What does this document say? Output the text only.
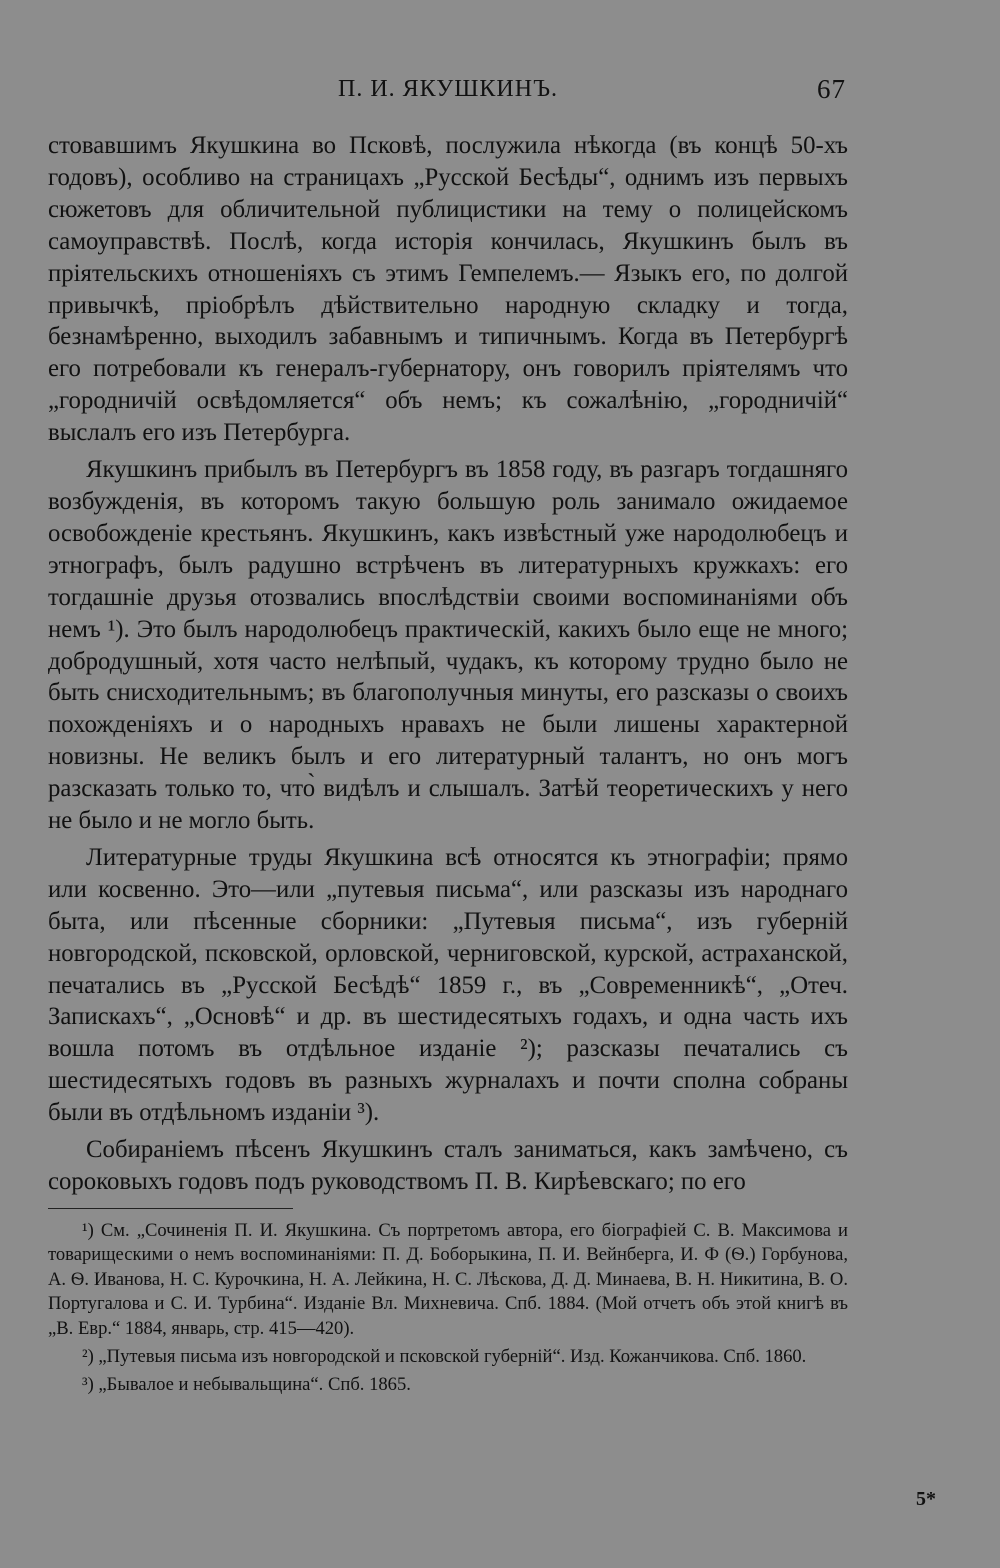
П. И. ЯКУШКИНЪ.	67

стовавшимъ Якушкина во Псковѣ, послужила нѣкогда (въ концѣ 50-хъ годовъ), особливо на страницахъ „Русской Бесѣды“, однимъ изъ первыхъ сюжетовъ для обличительной публицистики на тему о полицейскомъ самоуправствѣ. Послѣ, когда исторія кончилась, Якушкинъ былъ въ пріятельскихъ отношеніяхъ съ этимъ Гемпелемъ.— Языкъ его, по долгой привычкѣ, пріобрѣлъ дѣйствительно народную складку и тогда, безнамѣренно, выходилъ забавнымъ и типичнымъ. Когда въ Петербургѣ его потребовали къ генералъ-губернатору, онъ говорилъ пріятелямъ что „городничій освѣдомляется“ объ немъ; къ сожалѣнію, „городничій“ выслалъ его изъ Петербурга.

Якушкинъ прибылъ въ Петербургъ въ 1858 году, въ разгаръ тогдашняго возбужденія, въ которомъ такую большую роль занимало ожидаемое освобожденіе крестьянъ. Якушкинъ, какъ извѣстный уже народолюбецъ и этнографъ, былъ радушно встрѣченъ въ литературныхъ кружкахъ: его тогдашніе друзья отозвались впослѣдствіи своими воспоминаніями объ немъ ¹). Это былъ народолюбецъ практическій, какихъ было еще не много; добродушный, хотя часто нелѣпый, чудакъ, къ которому трудно было не быть снисходительнымъ; въ благополучныя минуты, его разсказы о своихъ похожденіяхъ и о народныхъ нравахъ не были лишены характерной новизны. Не великъ былъ и его литературный талантъ, но онъ могъ разсказать только то, что̀ видѣлъ и слышалъ. Затѣй теоретическихъ у него не было и не могло быть.

Литературные труды Якушкина всѣ относятся къ этнографіи; прямо или косвенно. Это—или „путевыя письма“, или разсказы изъ народнаго быта, или пѣсенные сборники: „Путевыя письма“, изъ губерній новгородской, псковской, орловской, черниговской, курской, астраханской, печатались въ „Русской Бесѣдѣ“ 1859 г., въ „Современникѣ“, „Отеч. Запискахъ“, „Основѣ“ и др. въ шестидесятыхъ годахъ, и одна часть ихъ вошла потомъ въ отдѣльное изданіе ²); разсказы печатались съ шестидесятыхъ годовъ въ разныхъ журналахъ и почти сполна собраны были въ отдѣльномъ изданіи ³).

Собираніемъ пѣсенъ Якушкинъ сталъ заниматься, какъ замѣчено, съ сороковыхъ годовъ подъ руководствомъ П. В. Кирѣевскаго; по его

¹) См. „Сочиненія П. И. Якушкина. Съ портретомъ автора, его біографіей С. В. Максимова и товарищескими о немъ воспоминаніями: П. Д. Боборыкина, П. И. Вейнберга, И. Ф (Ѳ.) Горбунова, А. Ѳ. Иванова, Н. С. Курочкина, Н. А. Лейкина, Н. С. Лѣскова, Д. Д. Минаева, В. Н. Никитина, В. О. Португалова и С. И. Турбина“. Изданіе Вл. Михневича. Спб. 1884. (Мой отчетъ объ этой книгѣ въ „В. Евр.“ 1884, январь, стр. 415—420).

²) „Путевыя письма изъ новгородской и псковской губерній“. Изд. Кожанчикова. Спб. 1860.

³) „Бывалое и небывальщина“. Спб. 1865.

5*
